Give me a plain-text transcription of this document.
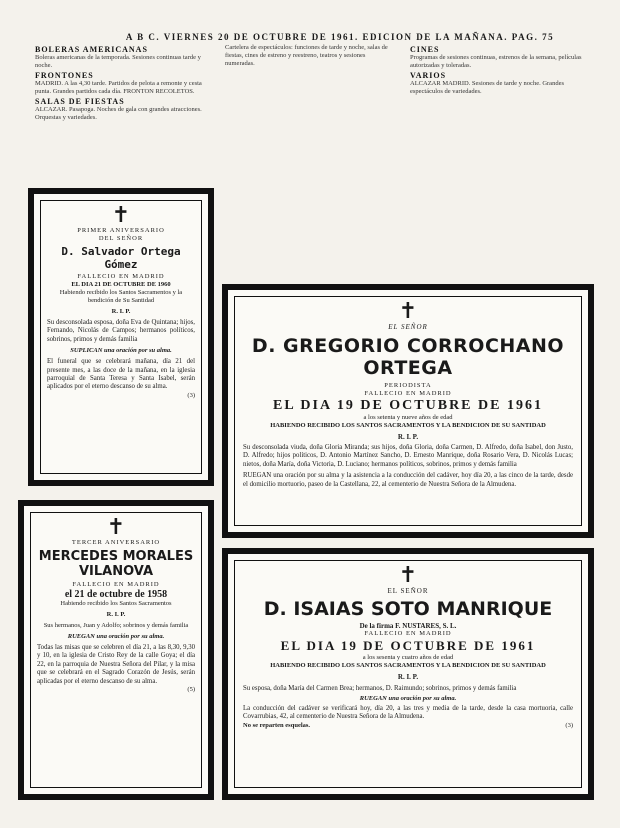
A B C. VIERNES 20 DE OCTUBRE DE 1961. EDICION DE LA MAÑANA. PAG. 75
BOLERAS AMERICANAS

Boleras americanas de la temporada. Sesiones continuas tarde y noche.

FRONTONES

MADRID. A las 4,30 tarde. Partidos de pelota a remonte y cesta punta. Grandes partidos cada día. FRONTON RECOLETOS.

SALAS DE FIESTAS

ALCAZAR. Pasapoga. Noches de gala con grandes atracciones. Orquestas y variedades.

Cartelera de espectáculos: funciones de tarde y noche, salas de fiestas, cines de estreno y reestreno, teatros y sesiones numeradas.

CINES

Programas de sesiones continuas, estrenos de la semana, películas autorizadas y toleradas.

VARIOS

ALCAZAR MADRID. Sesiones de tarde y noche. Grandes espectáculos de variedades.

✝
PRIMER ANIVERSARIO
DEL SEÑOR
D. Salvador Ortega Gómez
FALLECIO EN MADRID
EL DIA 21 DE OCTUBRE DE 1960
Habiendo recibido los Santos Sacramentos y la bendición de Su Santidad
R. I. P.
Su desconsolada esposa, doña Eva de Quintana; hijos, Fernando, Nicolás de Campos; hermanos políticos, sobrinos, primos y demás familia
SUPLICAN una oración por su alma.
El funeral que se celebrará mañana, día 21 del presente mes, a las doce de la mañana, en la iglesia parroquial de Santa Teresa y Santa Isabel, serán aplicados por el eterno descanso de su alma.
(3)
✝
TERCER ANIVERSARIO
MERCEDES MORALES VILANOVA
FALLECIO EN MADRID
el 21 de octubre de 1958
Habiendo recibido los Santos Sacramentos
R. I. P.
Sus hermanos, Juan y Adolfo; sobrinos y demás familia
RUEGAN una oración por su alma.
Todas las misas que se celebren el día 21, a las 8,30, 9,30 y 10, en la iglesia de Cristo Rey de la calle Goya; el día 22, en la parroquia de Nuestra Señora del Pilar, y la misa que se celebrará en el Sagrado Corazón de Jesús, serán aplicadas por el eterno descanso de su alma.
(5)
✝
EL SEÑOR
D. GREGORIO CORROCHANO ORTEGA
PERIODISTA
FALLECIO EN MADRID
EL DIA 19 DE OCTUBRE DE 1961
a los setenta y nueve años de edad
HABIENDO RECIBIDO LOS SANTOS SACRAMENTOS Y LA BENDICION DE SU SANTIDAD
R. I. P.
Su desconsolada viuda, doña Gloria Miranda; sus hijos, doña Gloria, doña Carmen, D. Alfredo, doña Isabel, don Justo, D. Alfredo; hijos políticos, D. Antonio Martínez Sancho, D. Ernesto Manrique, doña Rosario Vera, D. Nicolás Lucas; nietos, doña María, doña Victoria, D. Luciano; hermanos políticos, sobrinos, primos y demás familia
RUEGAN una oración por su alma y la asistencia a la conducción del cadáver, hoy día 20, a las cinco de la tarde, desde el domicilio mortuorio, paseo de la Castellana, 22, al cementerio de Nuestra Señora de la Almudena.
✝
EL SEÑOR
D. ISAIAS SOTO MANRIQUE
De la firma F. NUSTARES, S. L.
FALLECIO EN MADRID
EL DIA 19 DE OCTUBRE DE 1961
a los sesenta y cuatro años de edad
HABIENDO RECIBIDO LOS SANTOS SACRAMENTOS Y LA BENDICION DE SU SANTIDAD
R. I. P.
Su esposa, doña María del Carmen Brea; hermanos, D. Raimundo; sobrinos, primos y demás familia
RUEGAN una oración por su alma.
La conducción del cadáver se verificará hoy, día 20, a las tres y media de la tarde, desde la casa mortuoria, calle Covarrubias, 42, al cementerio de Nuestra Señora de la Almudena.
No se reparten esquelas.	(3)
